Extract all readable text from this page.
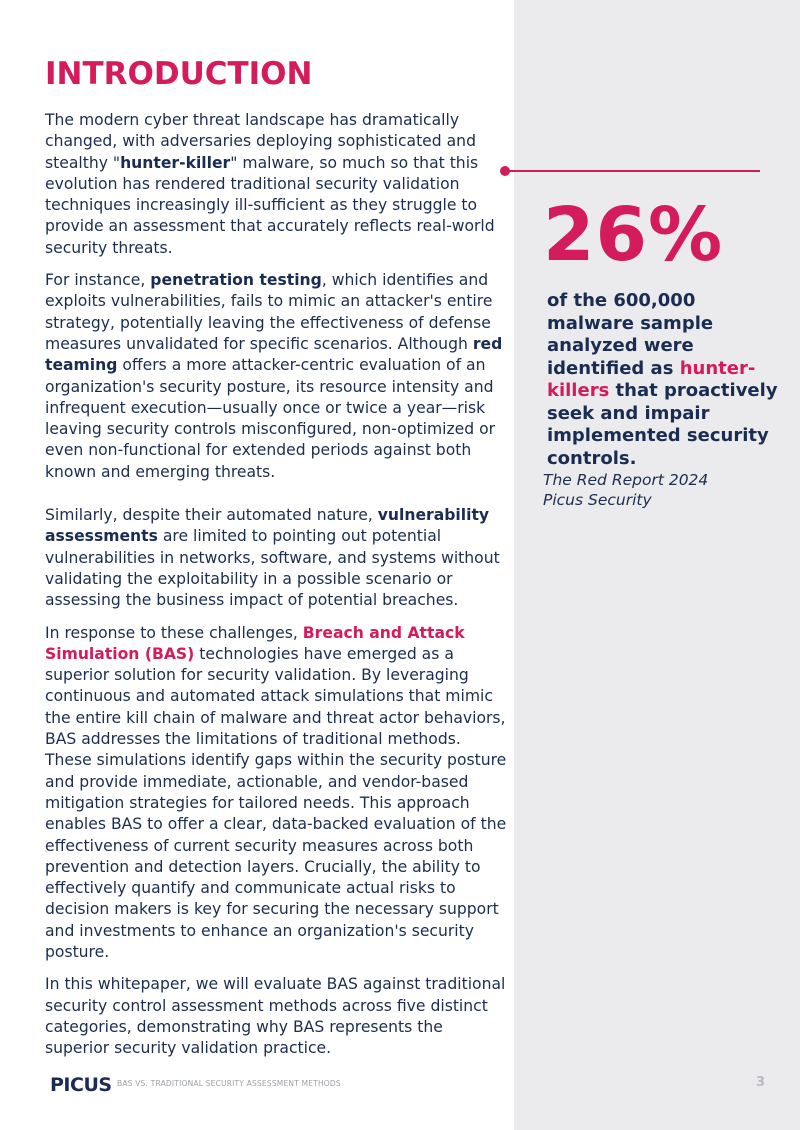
INTRODUCTION

The modern cyber threat landscape has dramatically changed, with adversaries deploying sophisticated and stealthy "hunter-killer" malware, so much so that this evolution has rendered traditional security validation techniques increasingly ill-sufficient as they struggle to provide an assessment that accurately reflects real-world security threats.

For instance, penetration testing, which identifies and exploits vulnerabilities, fails to mimic an attacker's entire strategy, potentially leaving the effectiveness of defense measures unvalidated for specific scenarios. Although red teaming offers a more attacker-centric evaluation of an organization's security posture, its resource intensity and infrequent execution—usually once or twice a year—risk leaving security controls misconfigured, non-optimized or even non-functional for extended periods against both known and emerging threats.

Similarly, despite their automated nature, vulnerability assessments are limited to pointing out potential vulnerabilities in networks, software, and systems without validating the exploitability in a possible scenario or assessing the business impact of potential breaches.

In response to these challenges, Breach and Attack Simulation (BAS) technologies have emerged as a superior solution for security validation. By leveraging continuous and automated attack simulations that mimic the entire kill chain of malware and threat actor behaviors, BAS addresses the limitations of traditional methods. These simulations identify gaps within the security posture and provide immediate, actionable, and vendor-based mitigation strategies for tailored needs. This approach enables BAS to offer a clear, data-backed evaluation of the effectiveness of current security measures across both prevention and detection layers. Crucially, the ability to effectively quantify and communicate actual risks to decision makers is key for securing the necessary support and investments to enhance an organization's security posture.

In this whitepaper, we will evaluate BAS against traditional security control assessment methods across five distinct categories, demonstrating why BAS represents the superior security validation practice.

26%
of the 600,000 malware sample analyzed were identified as hunter-killers that proactively seek and impair implemented security controls.
The Red Report 2024
Picus Security
PICUS BAS VS. TRADITIONAL SECURITY ASSESSMENT METHODS	3
